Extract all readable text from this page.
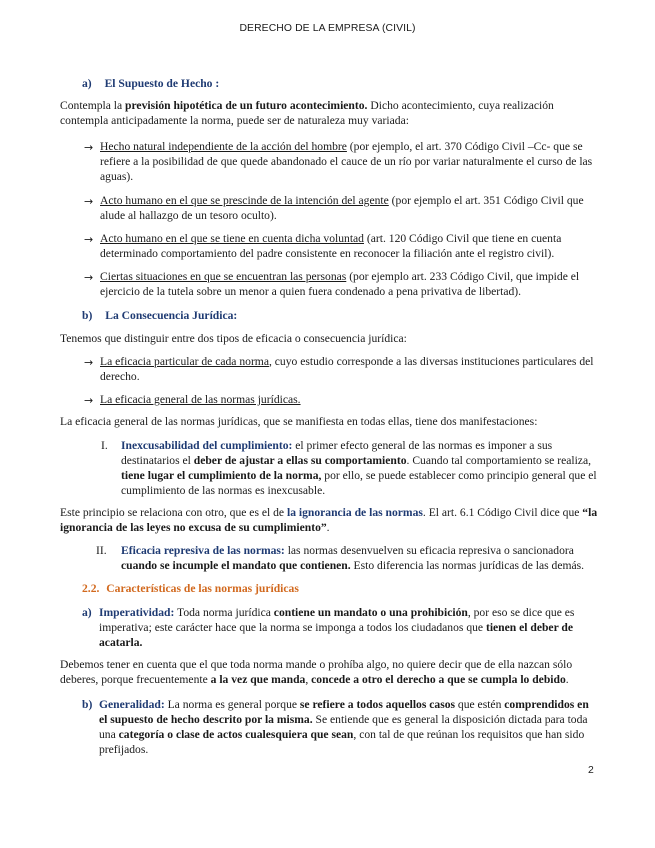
DERECHO DE LA EMPRESA (CIVIL)
a) El Supuesto de Hecho :

Contempla la previsión hipotética de un futuro acontecimiento. Dicho acontecimiento, cuya realización contempla anticipadamente la norma, puede ser de naturaleza muy variada:

→ Hecho natural independiente de la acción del hombre (por ejemplo, el art. 370 Código Civil –Cc- que se refiere a la posibilidad de que quede abandonado el cauce de un río por variar naturalmente el curso de las aguas).

→ Acto humano en el que se prescinde de la intención del agente (por ejemplo el art. 351 Código Civil que alude al hallazgo de un tesoro oculto).

→ Acto humano en el que se tiene en cuenta dicha voluntad (art. 120 Código Civil que tiene en cuenta determinado comportamiento del padre consistente en reconocer la filiación ante el registro civil).

→ Ciertas situaciones en que se encuentran las personas (por ejemplo art. 233 Código Civil, que impide el ejercicio de la tutela sobre un menor a quien fuera condenado a pena privativa de libertad).

b) La Consecuencia Jurídica:

Tenemos que distinguir entre dos tipos de eficacia o consecuencia jurídica:

→ La eficacia particular de cada norma, cuyo estudio corresponde a las diversas instituciones particulares del derecho.

→ La eficacia general de las normas jurídicas.

La eficacia general de las normas jurídicas, que se manifiesta en todas ellas, tiene dos manifestaciones:

I. Inexcusabilidad del cumplimiento: el primer efecto general de las normas es imponer a sus destinatarios el deber de ajustar a ellas su comportamiento. Cuando tal comportamiento se realiza, tiene lugar el cumplimiento de la norma, por ello, se puede establecer como principio general que el cumplimiento de las normas es inexcusable.

Este principio se relaciona con otro, que es el de la ignorancia de las normas. El art. 6.1 Código Civil dice que “la ignorancia de las leyes no excusa de su cumplimiento”.

II. Eficacia represiva de las normas: las normas desenvuelven su eficacia represiva o sancionadora cuando se incumple el mandato que contienen. Esto diferencia las normas jurídicas de las demás.

2.2. Características de las normas jurídicas
a) Imperatividad: Toda norma jurídica contiene un mandato o una prohibición, por eso se dice que es imperativa; este carácter hace que la norma se imponga a todos los ciudadanos que tienen el deber de acatarla.

Debemos tener en cuenta que el que toda norma mande o prohíba algo, no quiere decir que de ella nazcan sólo deberes, porque frecuentemente a la vez que manda, concede a otro el derecho a que se cumpla lo debido.

b) Generalidad: La norma es general porque se refiere a todos aquellos casos que estén comprendidos en el supuesto de hecho descrito por la misma. Se entiende que es general la disposición dictada para toda una categoría o clase de actos cualesquiera que sean, con tal de que reúnan los requisitos que han sido prefijados.

2
